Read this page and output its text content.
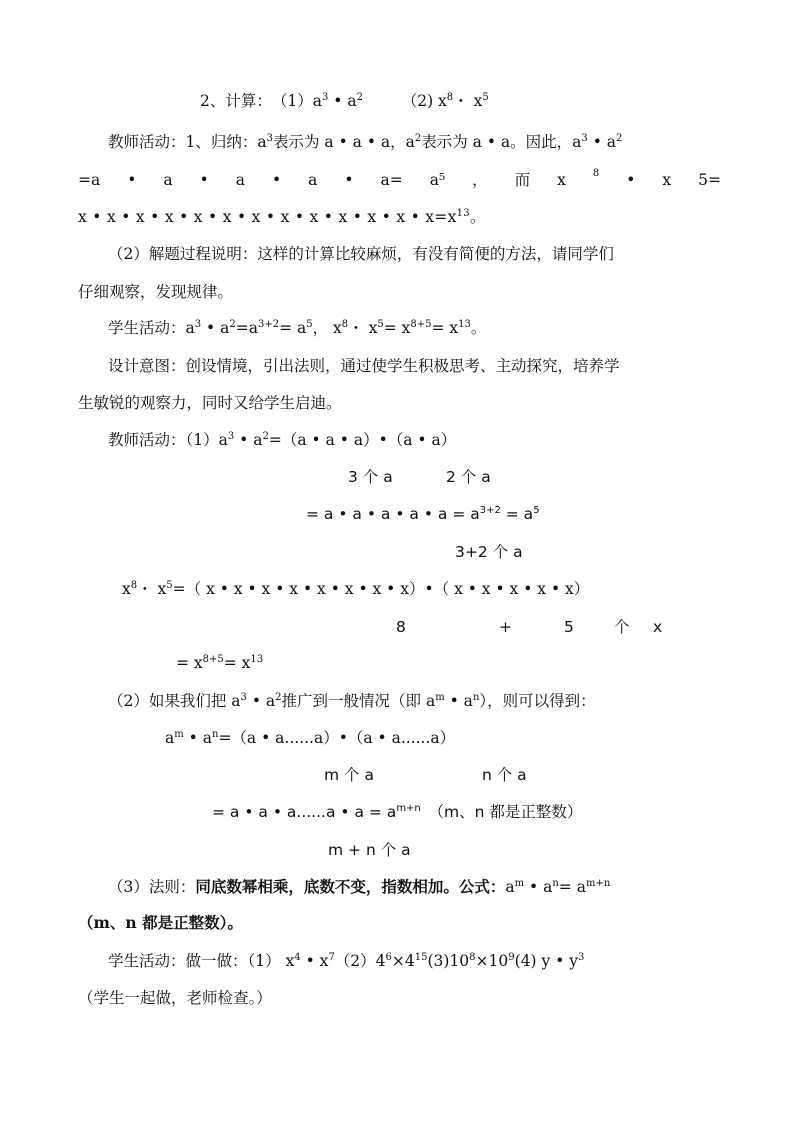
2、计算：　$(1)a^3$ • $a^2$　　　（2) $x^8$・ $x^5$
教师活动：1、归纳：$a^3$表示为 a • a • a，$a^2$表示为 a • a。因此，$a^3$ • $a^2$
=a • a • a • a • a= a⁵ ， 而 x	8 • x 5=
x • x • x • x • x • x • x • x • x • x • x • x • $x=x^{13}$。
（2）解题过程说明：这样的计算比较麻烦，有没有简便的方法，请同学们
仔细观察，发现规律。
学生活动：$a^3$ • $a^2=a^{3+2}= a^5$， $x^8$・ $x^5= x^{8+5}= x^{13}$。
设计意图：创设情境，引出法则，通过使学生积极思考、主动探究，培养学
生敏锐的观察力，同时又给学生启迪。
教师活动：$(1)a^3$ • $a^2=(a$ • a • a）•（a • a）
3 个 a	2 个 a
= a • a • a • a • $a = a^{3+2} = a^5$
3+2 个 a
$x^8$・ $x^5=$（ x • x • x • x • x • x • x • x）•（ x • x • x • x • x）
8	+	5	个 x
= $x^{8+5}= x^{13}$
（2）如果我们把 $a^3$ • $a^2$推广到一般情况（即 $a^m$ • $a^n$），则可以得到：
$a^m$ • $a^n=(a$ • a......a）•（a • a......a）
m 个 a	n 个 a
= a • a • a......a • $a = a^{m+n}$　（m、n 都是正整数）
m + n 个 a
（3）法则：同底数幂相乘，底数不变，指数相加。公式：$a^m$ • $a^n= a^{m+n}$
（m、n 都是正整数）。
学生活动：做一做：（1） $x^4$ • $x^7(2)4^6\times 4^{15}(3)10^8\times 10^9(4)$ y • $y^3$
（学生一起做，老师检查。）
